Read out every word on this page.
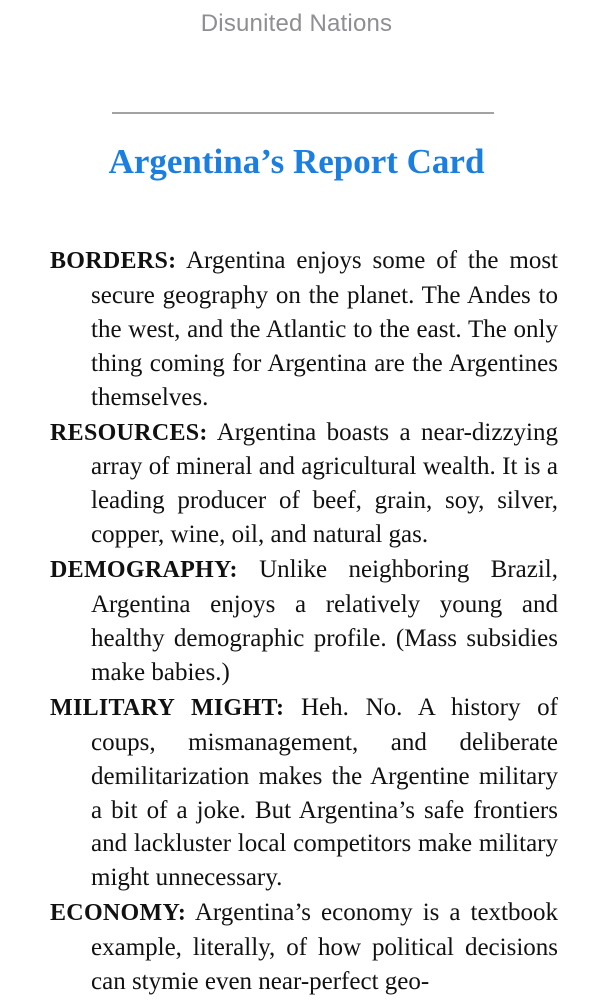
Disunited Nations
Argentina’s Report Card

BORDERS: Argentina enjoys some of the most secure geography on the planet. The Andes to the west, and the Atlantic to the east. The only thing coming for Argentina are the Argentines themselves.

RESOURCES: Argentina boasts a near-dizzying array of mineral and agricultural wealth. It is a leading producer of beef, grain, soy, silver, copper, wine, oil, and natural gas.

DEMOGRAPHY: Unlike neighboring Brazil, Argentina enjoys a relatively young and healthy demographic profile. (Mass subsidies make babies.)

MILITARY MIGHT: Heh. No. A history of coups, mismanagement, and deliberate demilitarization makes the Argentine military a bit of a joke. But Argentina’s safe frontiers and lackluster local competitors make military might unnecessary.

ECONOMY: Argentina’s economy is a textbook example, literally, of how political decisions can stymie even near-perfect geo-
